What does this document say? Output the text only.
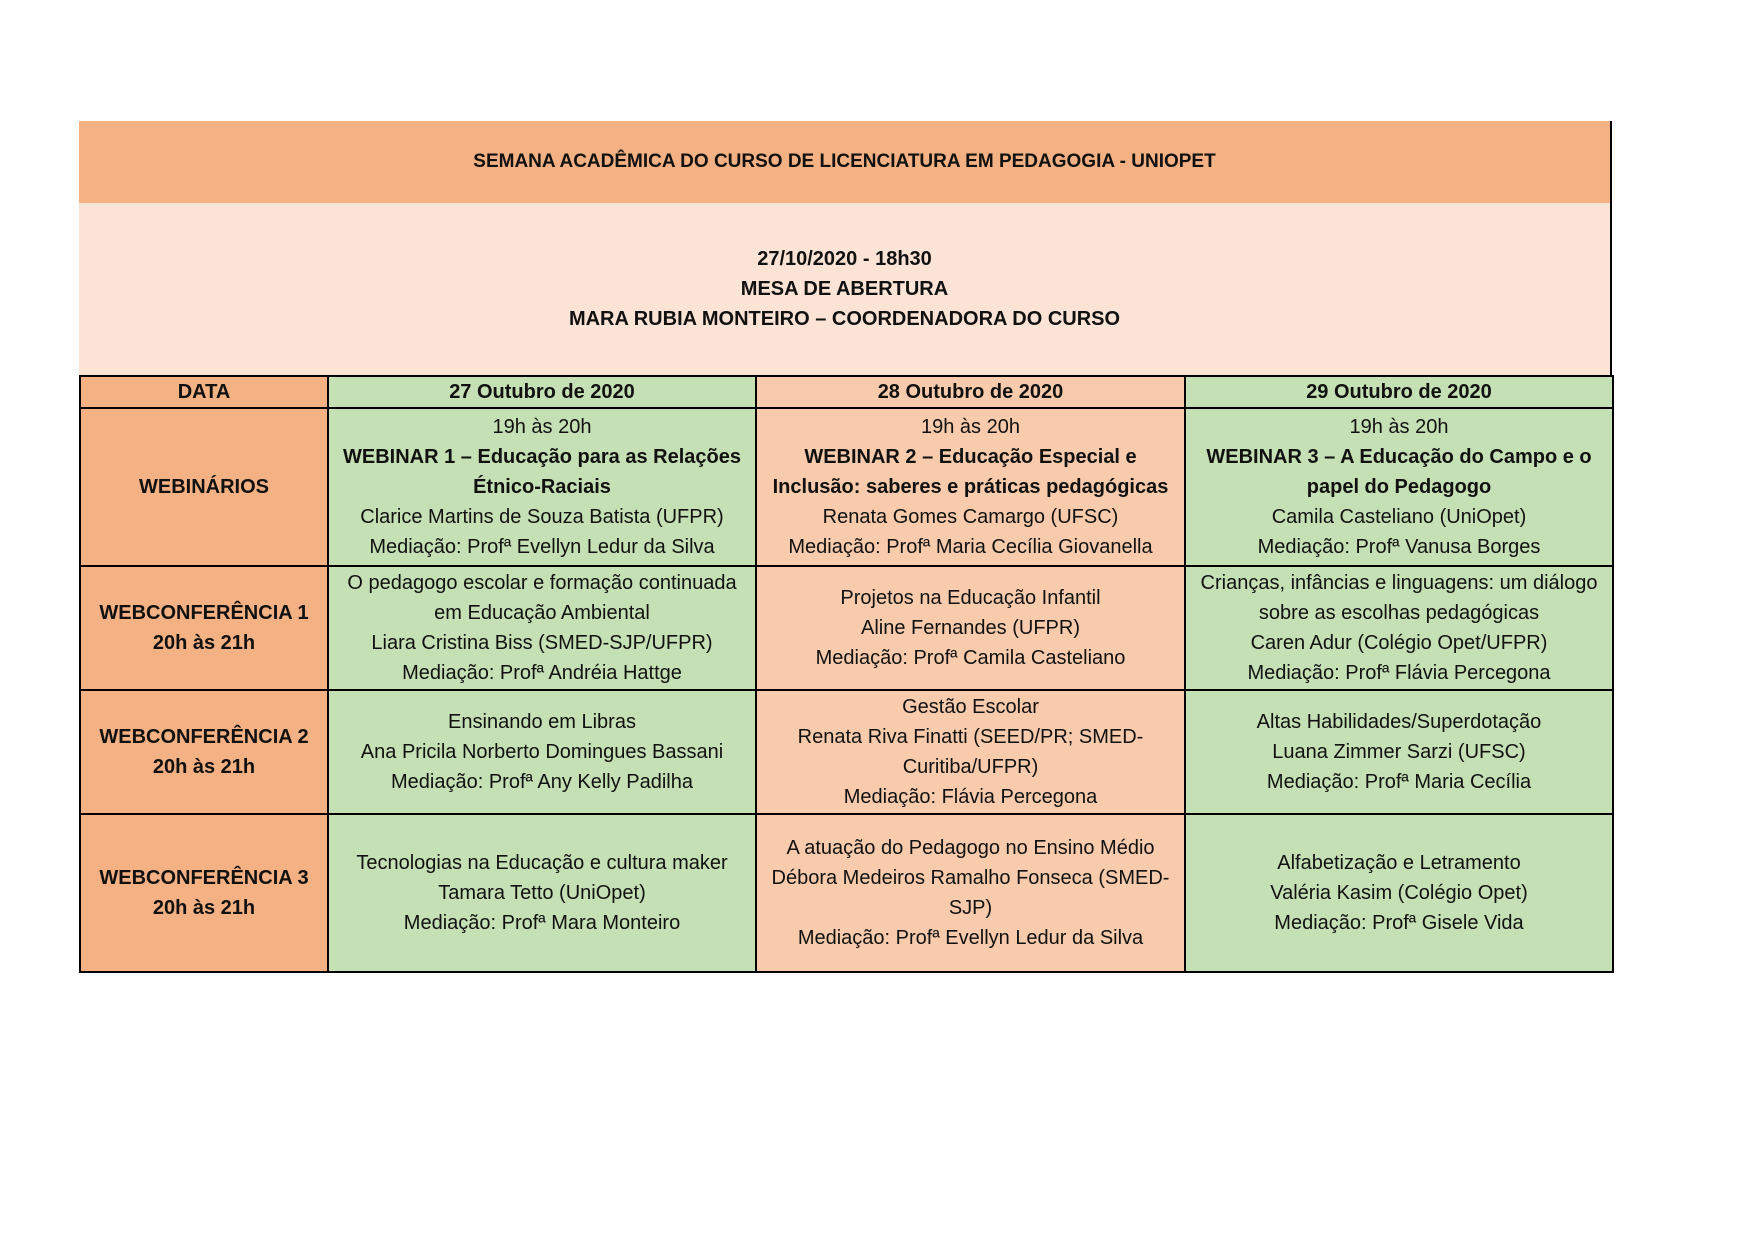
SEMANA ACADÊMICA DO CURSO DE LICENCIATURA EM PEDAGOGIA - UNIOPET
27/10/2020 - 18h30
MESA DE ABERTURA
MARA RUBIA MONTEIRO – COORDENADORA DO CURSO
DATA	27 Outubro de 2020	28 Outubro de 2020	29 Outubro de 2020

WEBINÁRIOS	19h às 20h
WEBINAR 1 – Educação para as Relações Étnico-Raciais
Clarice Martins de Souza Batista (UFPR)
Mediação: Profª Evellyn Ledur da Silva	19h às 20h
WEBINAR 2 – Educação Especial e Inclusão: saberes e práticas pedagógicas
Renata Gomes Camargo (UFSC)
Mediação: Profª Maria Cecília Giovanella	19h às 20h
WEBINAR 3 – A Educação do Campo e o papel do Pedagogo
Camila Casteliano (UniOpet)
Mediação: Profª Vanusa Borges

WEBCONFERÊNCIA 1
20h às 21h	O pedagogo escolar e formação continuada em Educação Ambiental
Liara Cristina Biss (SMED-SJP/UFPR)
Mediação: Profª Andréia Hattge	Projetos na Educação Infantil
Aline Fernandes (UFPR)
Mediação: Profª Camila Casteliano	Crianças, infâncias e linguagens: um diálogo sobre as escolhas pedagógicas
Caren Adur (Colégio Opet/UFPR)
Mediação: Profª Flávia Percegona

WEBCONFERÊNCIA 2
20h às 21h	Ensinando em Libras
Ana Pricila Norberto Domingues Bassani
Mediação: Profª Any Kelly Padilha	Gestão Escolar
Renata Riva Finatti (SEED/PR; SMED-Curitiba/UFPR)
Mediação: Flávia Percegona	Altas Habilidades/Superdotação
Luana Zimmer Sarzi (UFSC)
Mediação: Profª Maria Cecília

WEBCONFERÊNCIA 3
20h às 21h	Tecnologias na Educação e cultura maker
Tamara Tetto (UniOpet)
Mediação: Profª Mara Monteiro	A atuação do Pedagogo no Ensino Médio
Débora Medeiros Ramalho Fonseca (SMED-SJP)
Mediação: Profª Evellyn Ledur da Silva	Alfabetização e Letramento
Valéria Kasim (Colégio Opet)
Mediação: Profª Gisele Vida
